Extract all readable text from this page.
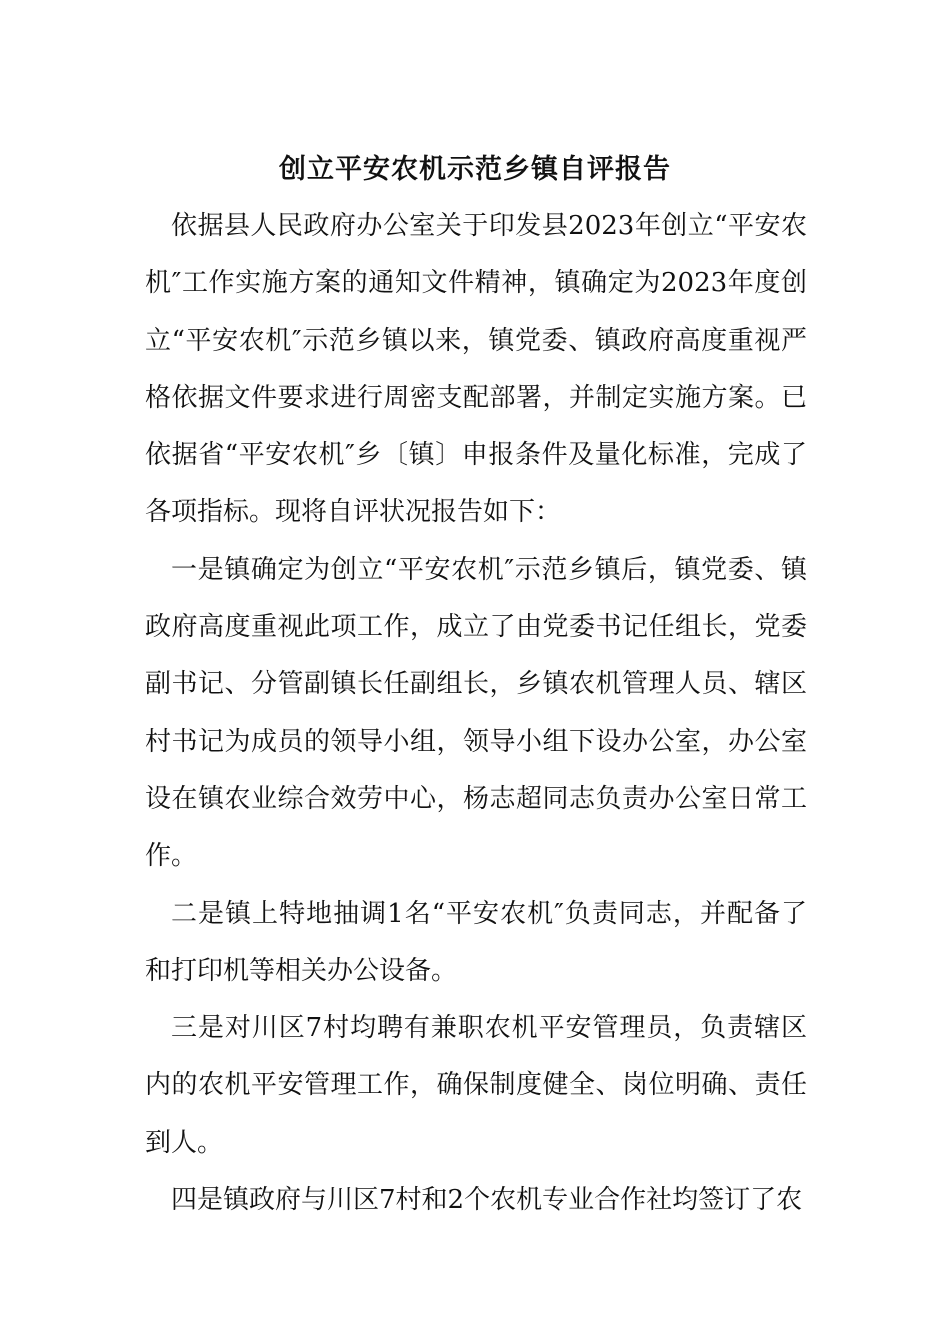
创立平安农机示范乡镇自评报告

依据县人民政府办公室关于印发县2023年创立“平安农机″工作实施方案的通知文件精神，镇确定为2023年度创立“平安农机″示范乡镇以来，镇党委、镇政府高度重视严格依据文件要求进行周密支配部署，并制定实施方案。已依据省“平安农机″乡〔镇〕申报条件及量化标准，完成了各项指标。现将自评状况报告如下：

一是镇确定为创立“平安农机″示范乡镇后，镇党委、镇政府高度重视此项工作，成立了由党委书记任组长，党委副书记、分管副镇长任副组长，乡镇农机管理人员、辖区村书记为成员的领导小组，领导小组下设办公室，办公室设在镇农业综合效劳中心，杨志超同志负责办公室日常工作。

二是镇上特地抽调1名“平安农机″负责同志，并配备了和打印机等相关办公设备。

三是对川区7村均聘有兼职农机平安管理员，负责辖区内的农机平安管理工作，确保制度健全、岗位明确、责任到人。

四是镇政府与川区7村和2个农机专业合作社均签订了农
